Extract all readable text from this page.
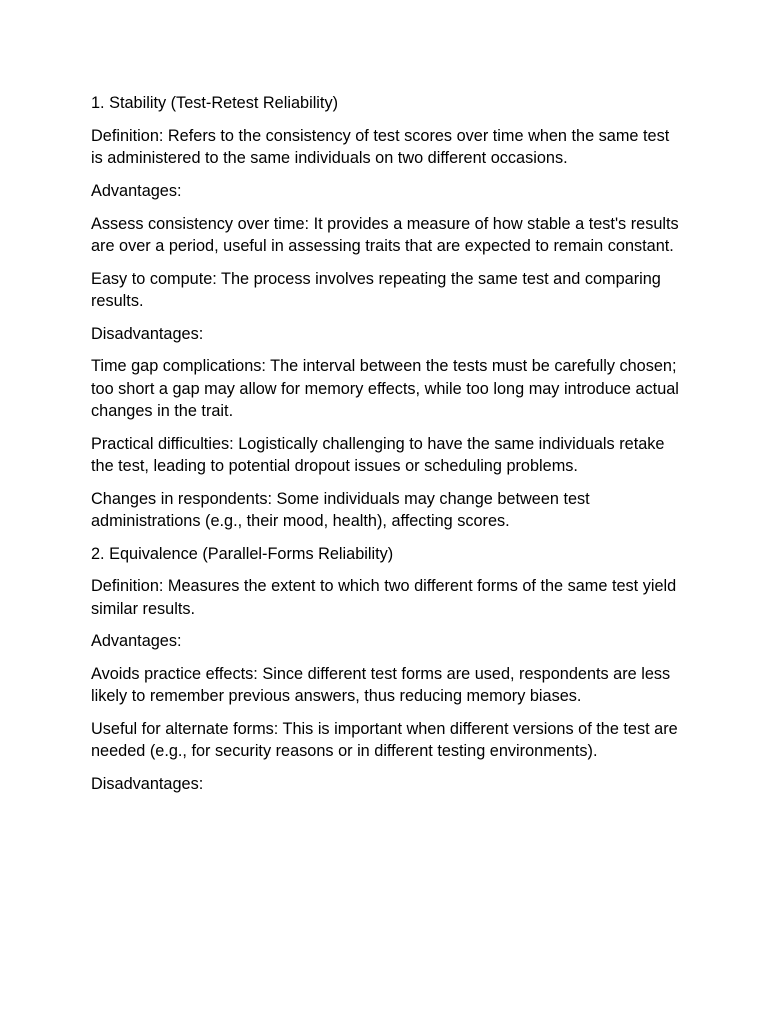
1. Stability (Test-Retest Reliability)

Definition: Refers to the consistency of test scores over time when the same test is administered to the same individuals on two different occasions.

Advantages:

Assess consistency over time: It provides a measure of how stable a test's results are over a period, useful in assessing traits that are expected to remain constant.

Easy to compute: The process involves repeating the same test and comparing results.

Disadvantages:

Time gap complications: The interval between the tests must be carefully chosen; too short a gap may allow for memory effects, while too long may introduce actual changes in the trait.

Practical difficulties: Logistically challenging to have the same individuals retake the test, leading to potential dropout issues or scheduling problems.

Changes in respondents: Some individuals may change between test administrations (e.g., their mood, health), affecting scores.

2. Equivalence (Parallel-Forms Reliability)

Definition: Measures the extent to which two different forms of the same test yield similar results.

Advantages:

Avoids practice effects: Since different test forms are used, respondents are less likely to remember previous answers, thus reducing memory biases.

Useful for alternate forms: This is important when different versions of the test are needed (e.g., for security reasons or in different testing environments).

Disadvantages:
